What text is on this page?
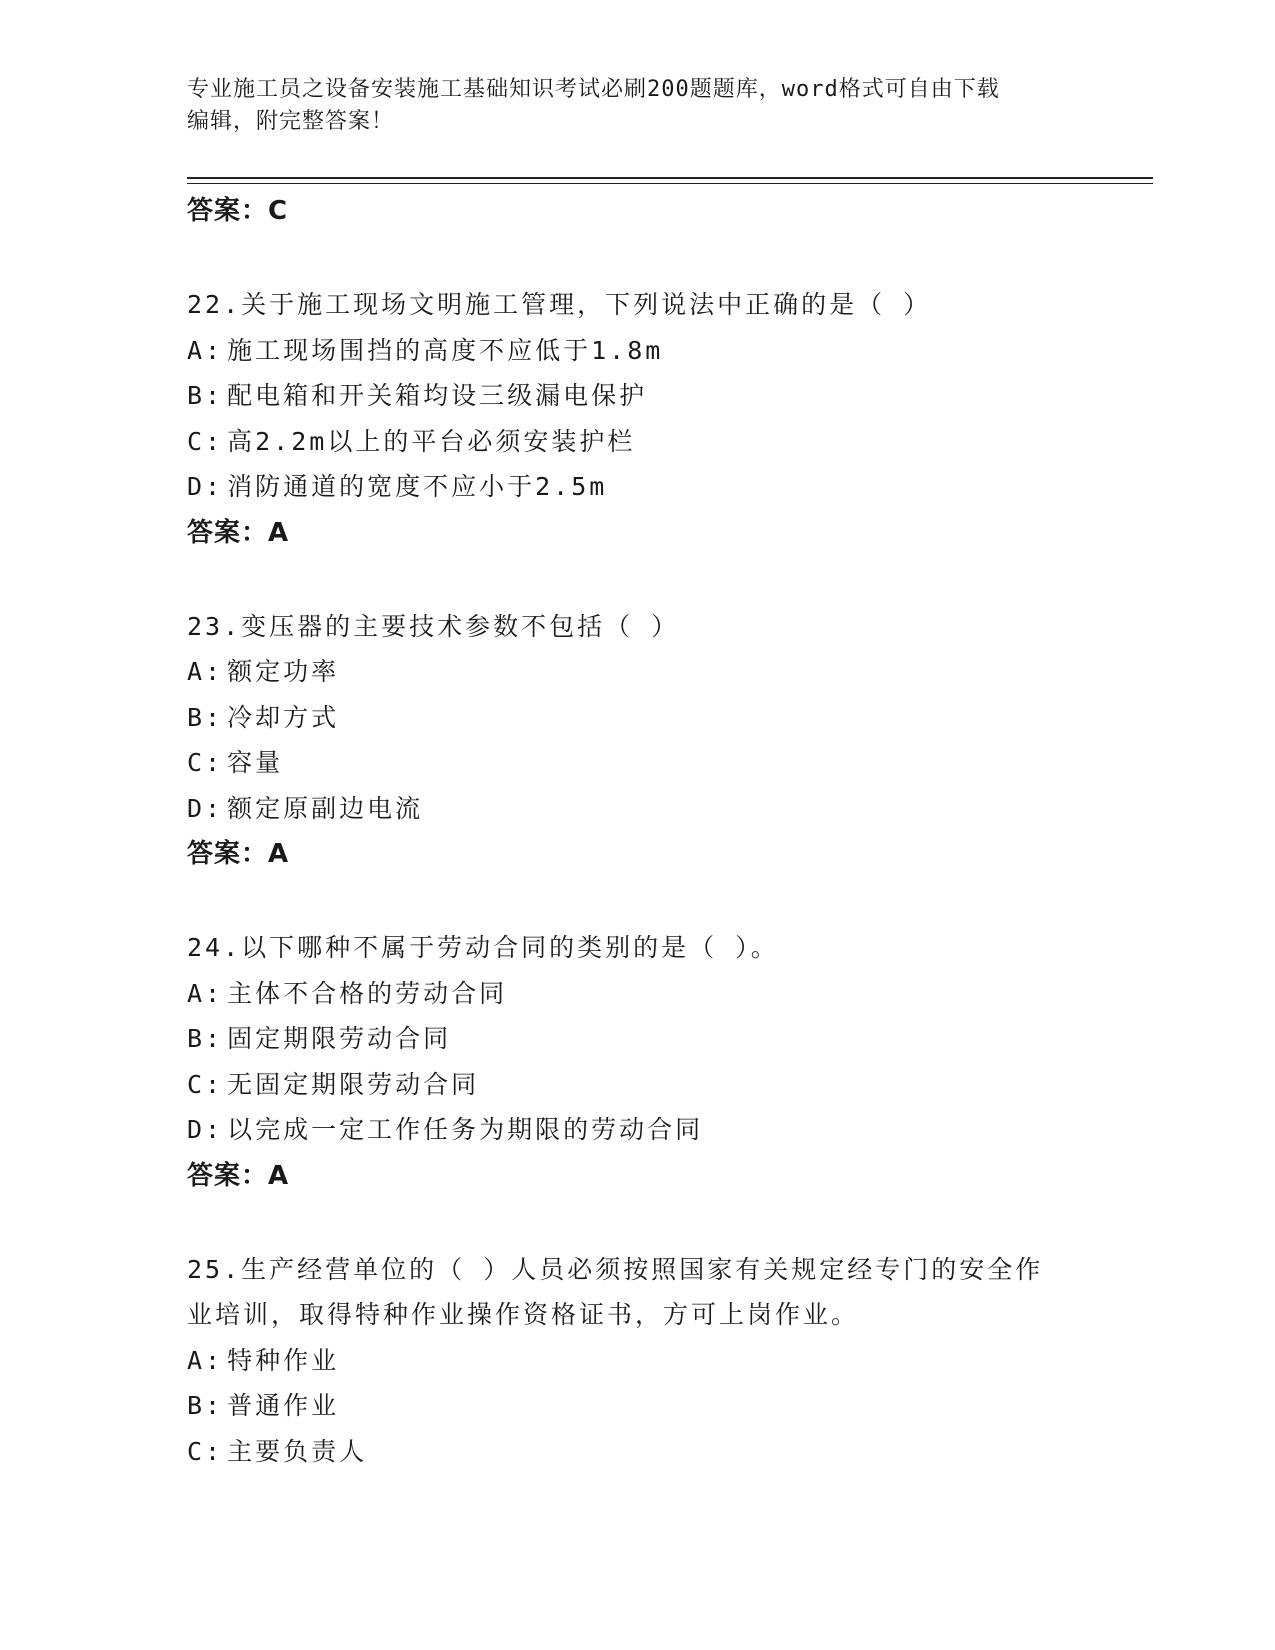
专业施工员之设备安装施工基础知识考试必刷200题题库，word格式可自由下载
编辑，附完整答案！

答案：C

22.关于施工现场文明施工管理，下列说法中正确的是（ ）

A: 施工现场围挡的高度不应低于1.8m

B: 配电箱和开关箱均设三级漏电保护

C: 高2.2m以上的平台必须安装护栏

D: 消防通道的宽度不应小于2.5m

答案：A

23.变压器的主要技术参数不包括（ ）

A: 额定功率

B: 冷却方式

C: 容量

D: 额定原副边电流

答案：A

24.以下哪种不属于劳动合同的类别的是（ ）。

A: 主体不合格的劳动合同

B: 固定期限劳动合同

C: 无固定期限劳动合同

D: 以完成一定工作任务为期限的劳动合同

答案：A

25.生产经营单位的（ ）人员必须按照国家有关规定经专门的安全作

业培训，取得特种作业操作资格证书，方可上岗作业。

A: 特种作业

B: 普通作业

C: 主要负责人
